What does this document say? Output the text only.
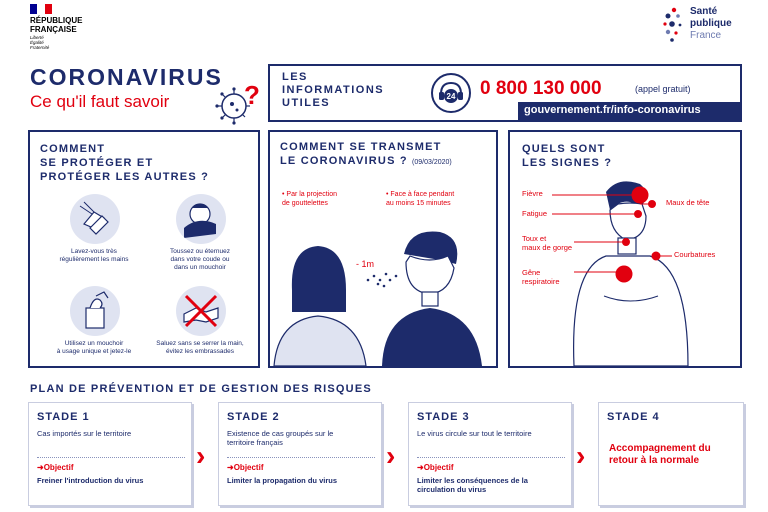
RÉPUBLIQUE
FRANÇAISE
Liberté
Égalité
Fraternité
Santé
publique
France
CORONAVIRUS
Ce qu'il faut savoir	?
LES
INFORMATIONS
UTILES
24 0 800 130 000	(appel gratuit)
gouvernement.fr/info-coronavirus
COMMENT
SE PROTÉGER ET
PROTÉGER LES AUTRES ?
Lavez-vous très
régulièrement les mains
Toussez ou éternuez
dans votre coude ou
dans un mouchoir
Utilisez un mouchoir
à usage unique et jetez-le
Saluez sans se serrer la main,
évitez les embrassades
COMMENT SE TRANSMET
LE CORONAVIRUS ? (09/03/2020)
• Par la projection
de gouttelettes
• Face à face pendant
au moins 15 minutes
- 1m
QUELS SONT
LES SIGNES ?
Fièvre
Maux de tête
Fatigue
Toux et
maux de gorge
Courbatures
Gêne
respiratoire
PLAN DE PRÉVENTION ET DE GESTION DES RISQUES
STADE 1
Cas importés sur le territoire
➜Objectif
Freiner l'introduction du virus
›
STADE 2
Existence de cas groupés sur le
territoire français
➜Objectif
Limiter la propagation du virus
›
STADE 3
Le virus circule sur tout le territoire
➜Objectif
Limiter les conséquences de la
circulation du virus
›
STADE 4
Accompagnement du
retour à la normale
